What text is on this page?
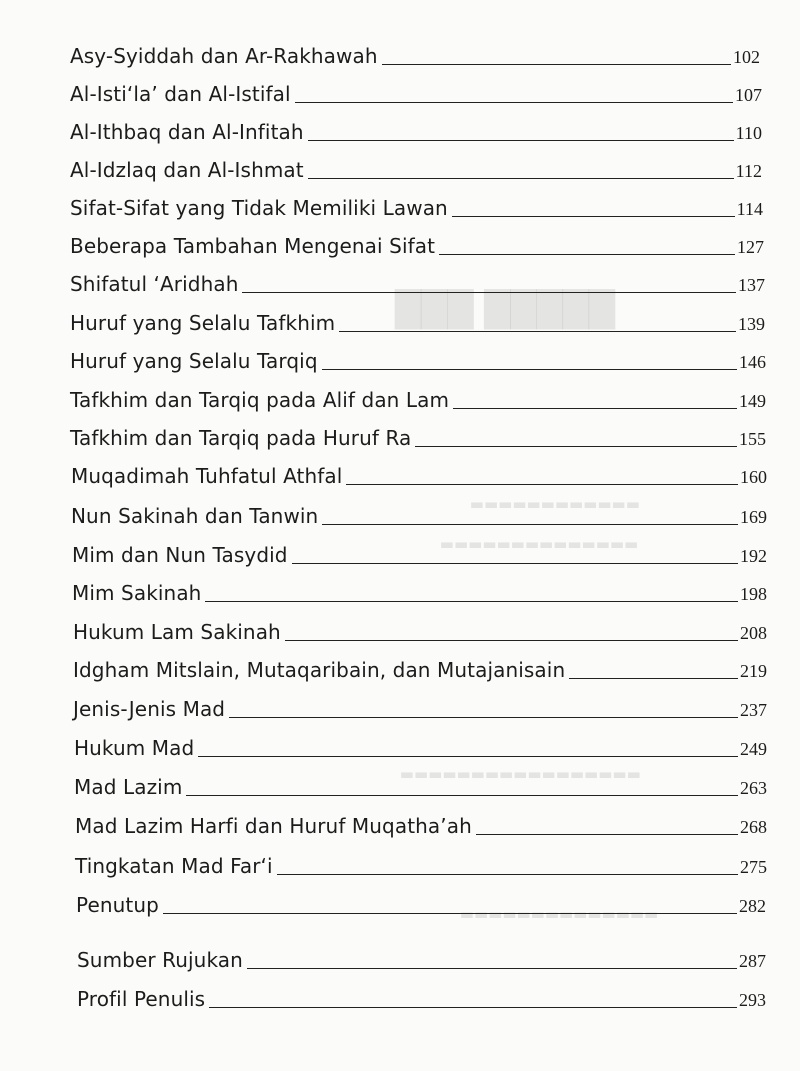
█████ ███
▬▬▬▬▬▬▬▬▬▬▬▬
▬▬▬▬▬▬▬▬▬▬▬▬▬▬
▬▬▬▬▬▬▬▬▬▬▬▬▬▬▬▬▬
▬▬▬▬▬▬▬▬▬▬▬▬▬▬
Asy-Syiddah dan Ar-Rakhawah	102
Al-Isti‘la’ dan Al-Istifal	107
Al-Ithbaq dan Al-Infitah	110
Al-Idzlaq dan Al-Ishmat	112
Sifat-Sifat yang Tidak Memiliki Lawan	114
Beberapa Tambahan Mengenai Sifat	127
Shifatul ‘Aridhah	137
Huruf yang Selalu Tafkhim	139
Huruf yang Selalu Tarqiq	146
Tafkhim dan Tarqiq pada Alif dan Lam	149
Tafkhim dan Tarqiq pada Huruf Ra	155
Muqadimah Tuhfatul Athfal	160
Nun Sakinah dan Tanwin	169
Mim dan Nun Tasydid	192
Mim Sakinah	198
Hukum Lam Sakinah	208
Idgham Mitslain, Mutaqaribain, dan Mutajanisain	219
Jenis-Jenis Mad	237
Hukum Mad	249
Mad Lazim	263
Mad Lazim Harfi dan Huruf Muqatha’ah	268
Tingkatan Mad Far‘i	275
Penutup	282
Sumber Rujukan	287
Profil Penulis	293
